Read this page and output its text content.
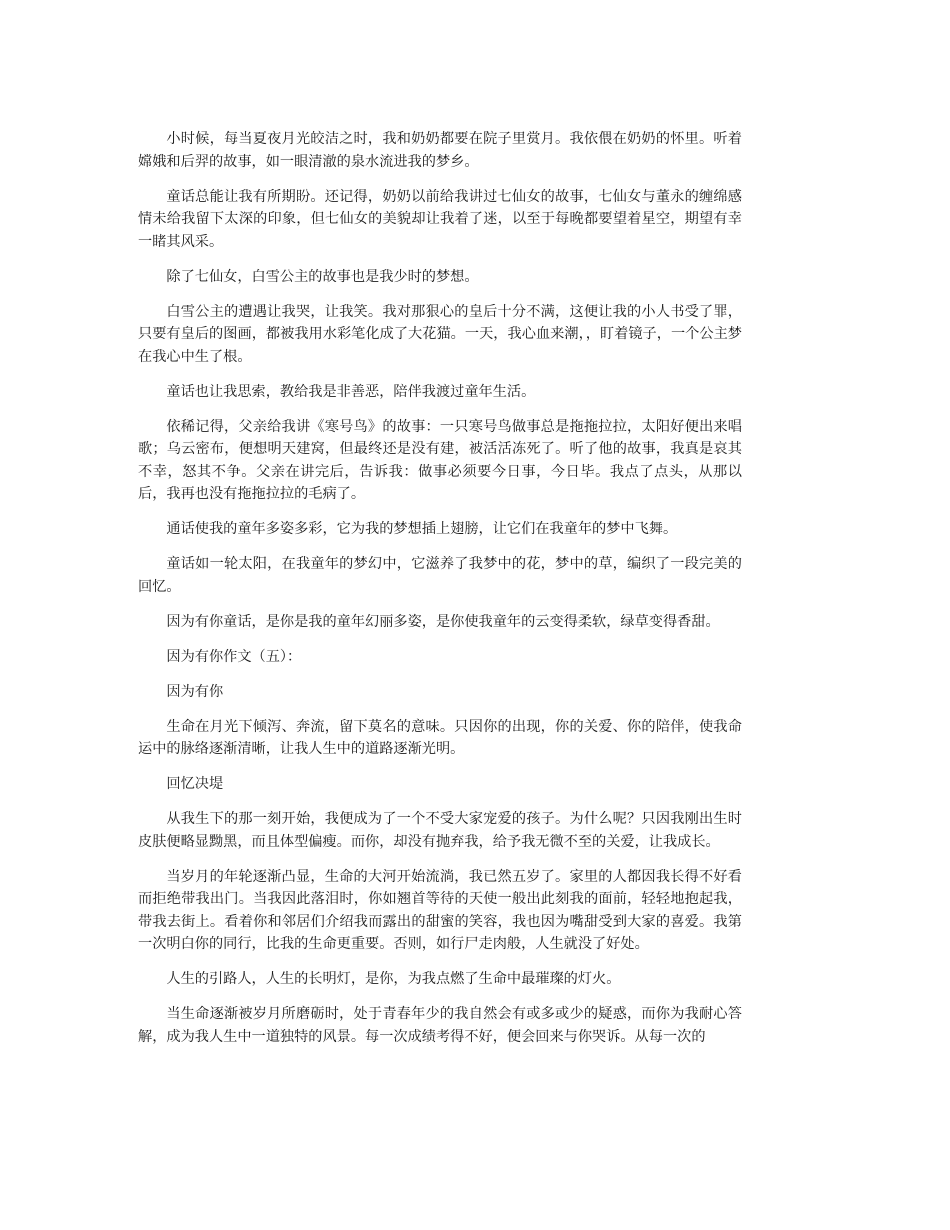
小时候，每当夏夜月光皎洁之时，我和奶奶都要在院子里赏月。我依偎在奶奶的怀里。听着嫦娥和后羿的故事，如一眼清澈的泉水流进我的梦乡。

童话总能让我有所期盼。还记得，奶奶以前给我讲过七仙女的故事，七仙女与董永的缠绵感情未给我留下太深的印象，但七仙女的美貌却让我着了迷，以至于每晚都要望着星空，期望有幸一睹其风采。

除了七仙女，白雪公主的故事也是我少时的梦想。

白雪公主的遭遇让我哭，让我笑。我对那狠心的皇后十分不满，这便让我的小人书受了罪，只要有皇后的图画，都被我用水彩笔化成了大花猫。一天，我心血来潮，，盯着镜子，一个公主梦在我心中生了根。

童话也让我思索，教给我是非善恶，陪伴我渡过童年生活。

依稀记得，父亲给我讲《寒号鸟》的故事：一只寒号鸟做事总是拖拖拉拉，太阳好便出来唱歌；乌云密布，便想明天建窝，但最终还是没有建，被活活冻死了。听了他的故事，我真是哀其不幸，怒其不争。父亲在讲完后，告诉我：做事必须要今日事，今日毕。我点了点头，从那以后，我再也没有拖拖拉拉的毛病了。

通话使我的童年多姿多彩，它为我的梦想插上翅膀，让它们在我童年的梦中飞舞。

童话如一轮太阳，在我童年的梦幻中，它滋养了我梦中的花，梦中的草，编织了一段完美的回忆。

因为有你童话，是你是我的童年幻丽多姿，是你使我童年的云变得柔软，绿草变得香甜。

因为有你作文（五）：

因为有你

生命在月光下倾泻、奔流，留下莫名的意味。只因你的出现，你的关爱、你的陪伴，使我命运中的脉络逐渐清晰，让我人生中的道路逐渐光明。

回忆决堤

从我生下的那一刻开始，我便成为了一个不受大家宠爱的孩子。为什么呢？只因我刚出生时皮肤便略显黝黑，而且体型偏瘦。而你，却没有抛弃我，给予我无微不至的关爱，让我成长。

当岁月的年轮逐渐凸显，生命的大河开始流淌，我已然五岁了。家里的人都因我长得不好看而拒绝带我出门。当我因此落泪时，你如翘首等待的天使一般出此刻我的面前，轻轻地抱起我，带我去街上。看着你和邻居们介绍我而露出的甜蜜的笑容，我也因为嘴甜受到大家的喜爱。我第一次明白你的同行，比我的生命更重要。否则，如行尸走肉般，人生就没了好处。

人生的引路人，人生的长明灯，是你，为我点燃了生命中最璀璨的灯火。

当生命逐渐被岁月所磨砺时，处于青春年少的我自然会有或多或少的疑惑，而你为我耐心答解，成为我人生中一道独特的风景。每一次成绩考得不好，便会回来与你哭诉。从每一次的
